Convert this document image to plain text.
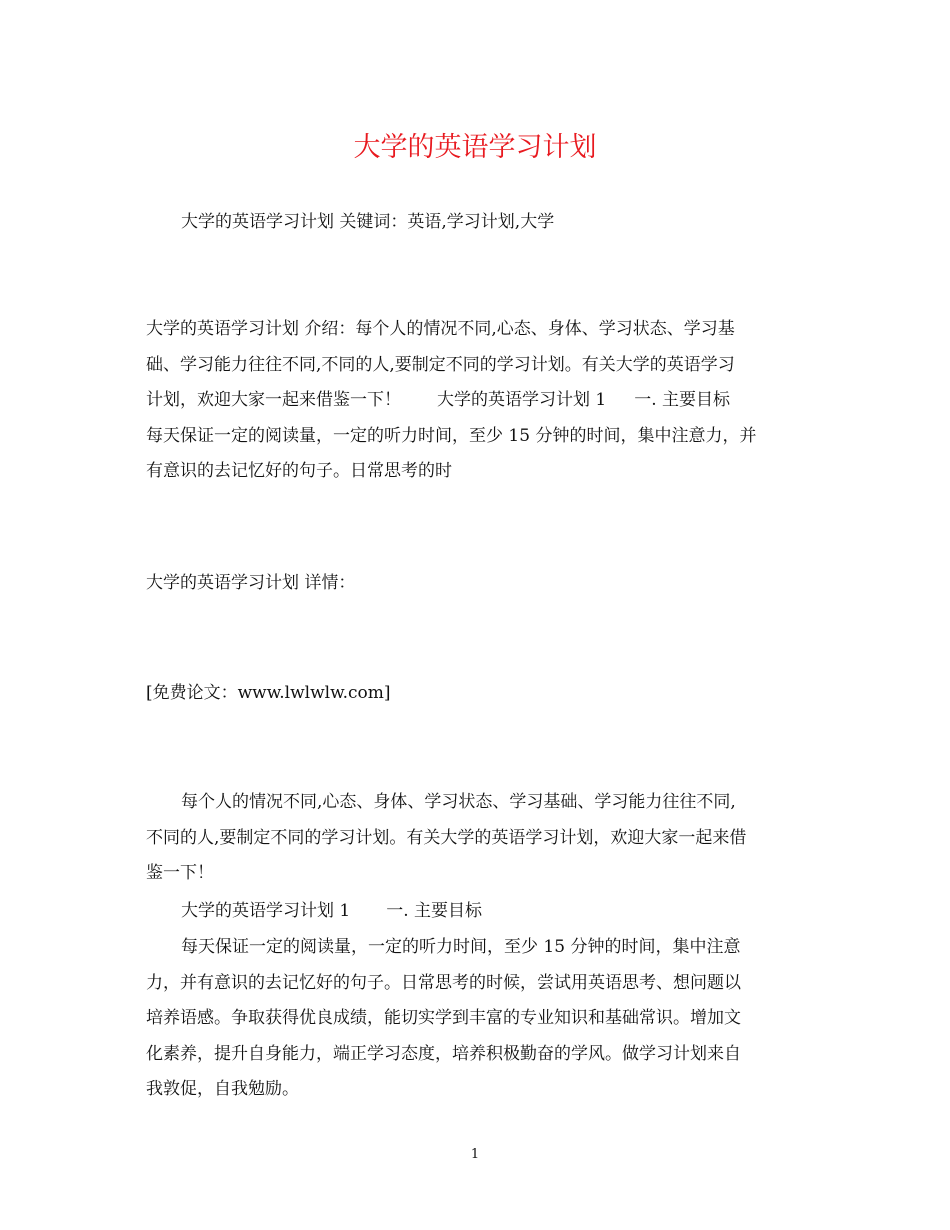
大学的英语学习计划

大学的英语学习计划 关键词：英语,学习计划,大学

大学的英语学习计划 介绍：每个人的情况不同,心态、身体、学习状态、学习基
础、学习能力往往不同,不同的人,要制定不同的学习计划。有关大学的英语学习
计划，欢迎大家一起来借鉴一下！ 大学的英语学习计划 1 一. 主要目标
每天保证一定的阅读量，一定的听力时间，至少 15 分钟的时间，集中注意力，并
有意识的去记忆好的句子。日常思考的时

大学的英语学习计划 详情：

[免费论文：www.lwlwlw.com]

每个人的情况不同,心态、身体、学习状态、学习基础、学习能力往往不同,
不同的人,要制定不同的学习计划。有关大学的英语学习计划，欢迎大家一起来借
鉴一下！

大学的英语学习计划 1 一. 主要目标

每天保证一定的阅读量，一定的听力时间，至少 15 分钟的时间，集中注意
力，并有意识的去记忆好的句子。日常思考的时候，尝试用英语思考、想问题以
培养语感。争取获得优良成绩，能切实学到丰富的专业知识和基础常识。增加文
化素养，提升自身能力，端正学习态度，培养积极勤奋的学风。做学习计划来自
我敦促，自我勉励。
1
